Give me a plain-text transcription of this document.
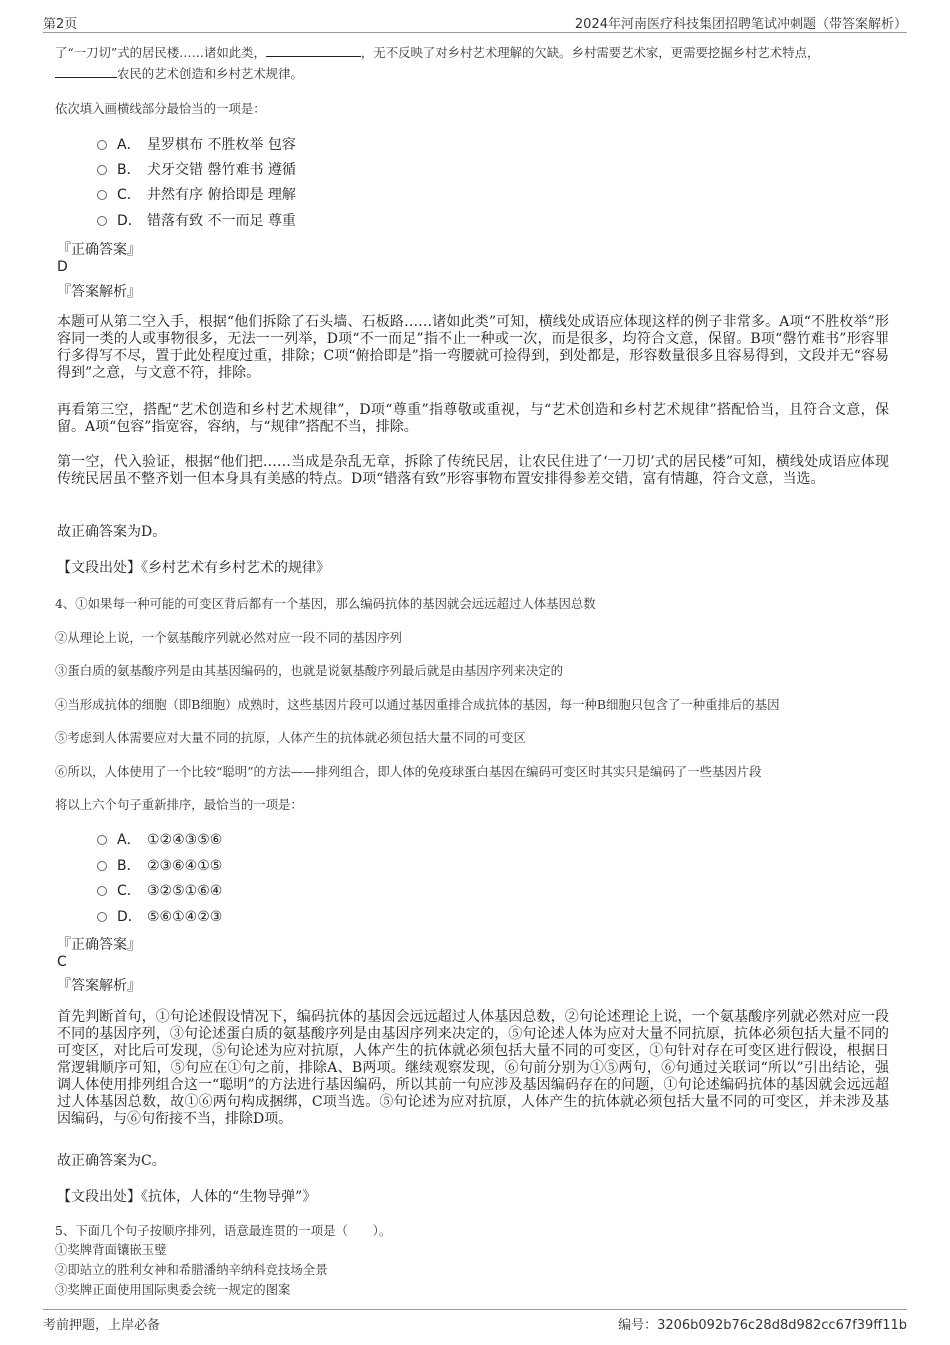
第2页	2024年河南医疗科技集团招聘笔试冲刺题（带答案解析）
了“一刀切”式的居民楼……诸如此类，	，无不反映了对乡村艺术理解的欠缺。乡村需要艺术家，更需要挖掘乡村艺术特点，
农民的艺术创造和乡村艺术规律。
依次填入画横线部分最恰当的一项是：
A． 星罗棋布 不胜枚举 包容
B． 犬牙交错 罄竹难书 遵循
C． 井然有序 俯拾即是 理解
D． 错落有致 不一而足 尊重
『正确答案』
D
『答案解析』
本题可从第二空入手，根据“他们拆除了石头墙、石板路……诸如此类”可知，横线处成语应体现这样的例子非常多。A项“不胜枚举”形容同一类的人或事物很多，无法一一列举，D项“不一而足”指不止一种或一次，而是很多，均符合文意，保留。B项“罄竹难书”形容罪行多得写不尽，置于此处程度过重，排除；C项“俯拾即是”指一弯腰就可捡得到，到处都是，形容数量很多且容易得到，文段并无“容易得到”之意，与文意不符，排除。
再看第三空，搭配“艺术创造和乡村艺术规律”，D项“尊重”指尊敬或重视，与“艺术创造和乡村艺术规律”搭配恰当，且符合文意，保留。A项“包容”指宽容，容纳，与“规律”搭配不当，排除。
第一空，代入验证，根据“他们把……当成是杂乱无章，拆除了传统民居，让农民住进了‘一刀切’式的居民楼”可知，横线处成语应体现传统民居虽不整齐划一但本身具有美感的特点。D项“错落有致”形容事物布置安排得参差交错，富有情趣，符合文意，当选。
故正确答案为D。
【文段出处】《乡村艺术有乡村艺术的规律》
4、①如果每一种可能的可变区背后都有一个基因，那么编码抗体的基因就会远远超过人体基因总数
②从理论上说，一个氨基酸序列就必然对应一段不同的基因序列
③蛋白质的氨基酸序列是由其基因编码的，也就是说氨基酸序列最后就是由基因序列来决定的
④当形成抗体的细胞（即B细胞）成熟时，这些基因片段可以通过基因重排合成抗体的基因，每一种B细胞只包含了一种重排后的基因
⑤考虑到人体需要应对大量不同的抗原，人体产生的抗体就必须包括大量不同的可变区
⑥所以，人体使用了一个比较“聪明”的方法——排列组合，即人体的免疫球蛋白基因在编码可变区时其实只是编码了一些基因片段
将以上六个句子重新排序，最恰当的一项是：
A． ①②④③⑤⑥
B． ②③⑥④①⑤
C． ③②⑤①⑥④
D． ⑤⑥①④②③
『正确答案』
C
『答案解析』
首先判断首句，①句论述假设情况下，编码抗体的基因会远远超过人体基因总数，②句论述理论上说，一个氨基酸序列就必然对应一段不同的基因序列，③句论述蛋白质的氨基酸序列是由基因序列来决定的，⑤句论述人体为应对大量不同抗原，抗体必须包括大量不同的可变区，对比后可发现，⑤句论述为应对抗原，人体产生的抗体就必须包括大量不同的可变区，①句针对存在可变区进行假设，根据日常逻辑顺序可知，⑤句应在①句之前，排除A、B两项。继续观察发现，⑥句前分别为①⑤两句，⑥句通过关联词“所以”引出结论，强调人体使用排列组合这一“聪明”的方法进行基因编码，所以其前一句应涉及基因编码存在的问题，①句论述编码抗体的基因就会远远超过人体基因总数，故①⑥两句构成捆绑，C项当选。⑤句论述为应对抗原，人体产生的抗体就必须包括大量不同的可变区，并未涉及基因编码，与⑥句衔接不当，排除D项。
故正确答案为C。
【文段出处】《抗体，人体的“生物导弹”》
5、下面几个句子按顺序排列，语意最连贯的一项是（　　）。
①奖牌背面镶嵌玉璧
②即站立的胜利女神和希腊潘纳辛纳科竞技场全景
③奖牌正面使用国际奥委会统一规定的图案
考前押题，上岸必备	编号：3206b092b76c28d8d982cc67f39ff11b
